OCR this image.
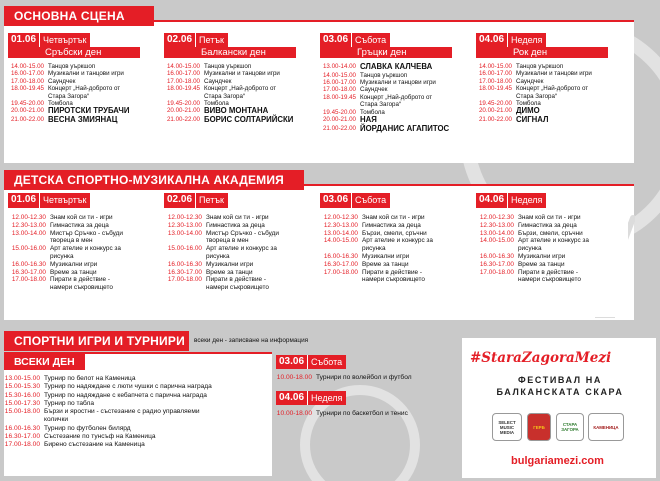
ОСНОВНА СЦЕНА
ДЕТСКА СПОРТНО-МУЗИКАЛНА АКАДЕМИЯ
СПОРТНИ ИГРИ И ТУРНИРИ	всеки ден - записване на информация
ВСЕКИ ДЕН
13.00-15.00 Турнир по белот на Каменица
15.00-15.30 Турнир по надяждане с люти чушки с парична награда
15.30-16.00 Турнир по надяждане с кебапчета с парична награда
15.00-17.30 Турнир по табла
15.00-18.00 Бързи и яростни - състезание с радио управляеми
колички
16.00-16.30 Турнир по футболен билярд
16.30-17.00 Състезание по тунсъф на Каменица
17.00-18.00 Бирено състезание на Каменица
#StaraZagoraMezi
ФЕСТИВАЛ НА
БАЛКАНСКАТА СКАРА
bulgariamezi.com
01.06 Четвъртък
Сръбски ден
14.00-15.00 Танцов уъркшоп
16.00-17.00 Музикални и танцови игри
17.00-18.00 Саундчек
18.00-19.45 Концерт „Най-доброто от
Стара Загора“
19.45-20.00 Томбола
20.00-21.00 ПИРОТСКИ ТРУБАЧИ
21.00-22.00 ВЕСНА ЗМИЯНАЦ
02.06 Петък
Балкански ден
14.00-15.00 Танцов уъркшоп
16.00-17.00 Музикални и танцови игри
17.00-18.00 Саундчек
18.00-19.45 Концерт „Най-доброто от
Стара Загора“
19.45-20.00 Томбола
20.00-21.00 ВИВО МОНТАНА
21.00-22.00 БОРИС СОЛТАРИЙСКИ
03.06 Събота
Гръцки ден
13.00-14.00 СЛАВКА КАЛЧЕВА
14.00-15.00 Танцов уъркшоп
16.00-17.00 Музикални и танцови игри
17.00-18.00 Саундчек
18.00-19.45 Концерт „Най-доброто от
Стара Загора“
19.45-20.00 Томбола
20.00-21.00 НАЯ
21.00-22.00 ЙОРДАНИС АГАПИТОС
04.06 Неделя
Рок ден
14.00-15.00 Танцов уъркшоп
16.00-17.00 Музикални и танцови игри
17.00-18.00 Саундчек
18.00-19.45 Концерт „Най-доброто от
Стара Загора“
19.45-20.00 Томбола
20.00-21.00 ДИМО
21.00-22.00 СИГНАЛ
01.06 Четвъртък
12.00-12.30 Знам кой си ти - игри
12.30-13.00 Гимнастика за деца
13.00-14.00 Мистър Сръчко - събуди
твореца в мен
15.00-16.00 Арт ателие и конкурс за
рисунка
16.00-16.30 Музикални игри
16.30-17.00 Време за танци
17.00-18.00 Пирати в действие -
намери съкровището
02.06 Петък
12.00-12.30 Знам кой си ти - игри
12.30-13.00 Гимнастика за деца
13.00-14.00 Мистър Сръчко - събуди
твореца в мен
15.00-16.00 Арт ателие и конкурс за
рисунка
16.00-16.30 Музикални игри
16.30-17.00 Време за танци
17.00-18.00 Пирати в действие -
намери съкровището
03.06 Събота
12.00-12.30 Знам кой си ти - игри
12.30-13.00 Гимнастика за деца
13.00-14.00 Бързи, смели, сръчни
14.00-15.00 Арт ателие и конкурс за
рисунка
16.00-16.30 Музикални игри
16.30-17.00 Време за танци
17.00-18.00 Пирати в действие -
намери съкровището
04.06 Неделя
12.00-12.30 Знам кой си ти - игри
12.30-13.00 Гимнастика за деца
13.00-14.00 Бързи, смели, сръчни
14.00-15.00 Арт ателие и конкурс за
рисунка
16.00-16.30 Музикални игри
16.30-17.00 Време за танци
17.00-18.00 Пирати в действие -
намери съкровището
03.06 Събота
10.00-18.00 Турнири по волейбол и футбол
04.06 Неделя
10.00-18.00 Турнири по баскетбол и тенис
SELECT MUSIC MEDIA
ГЕРБ	СТАРА ЗАГОРА	КАМЕНИЦА
